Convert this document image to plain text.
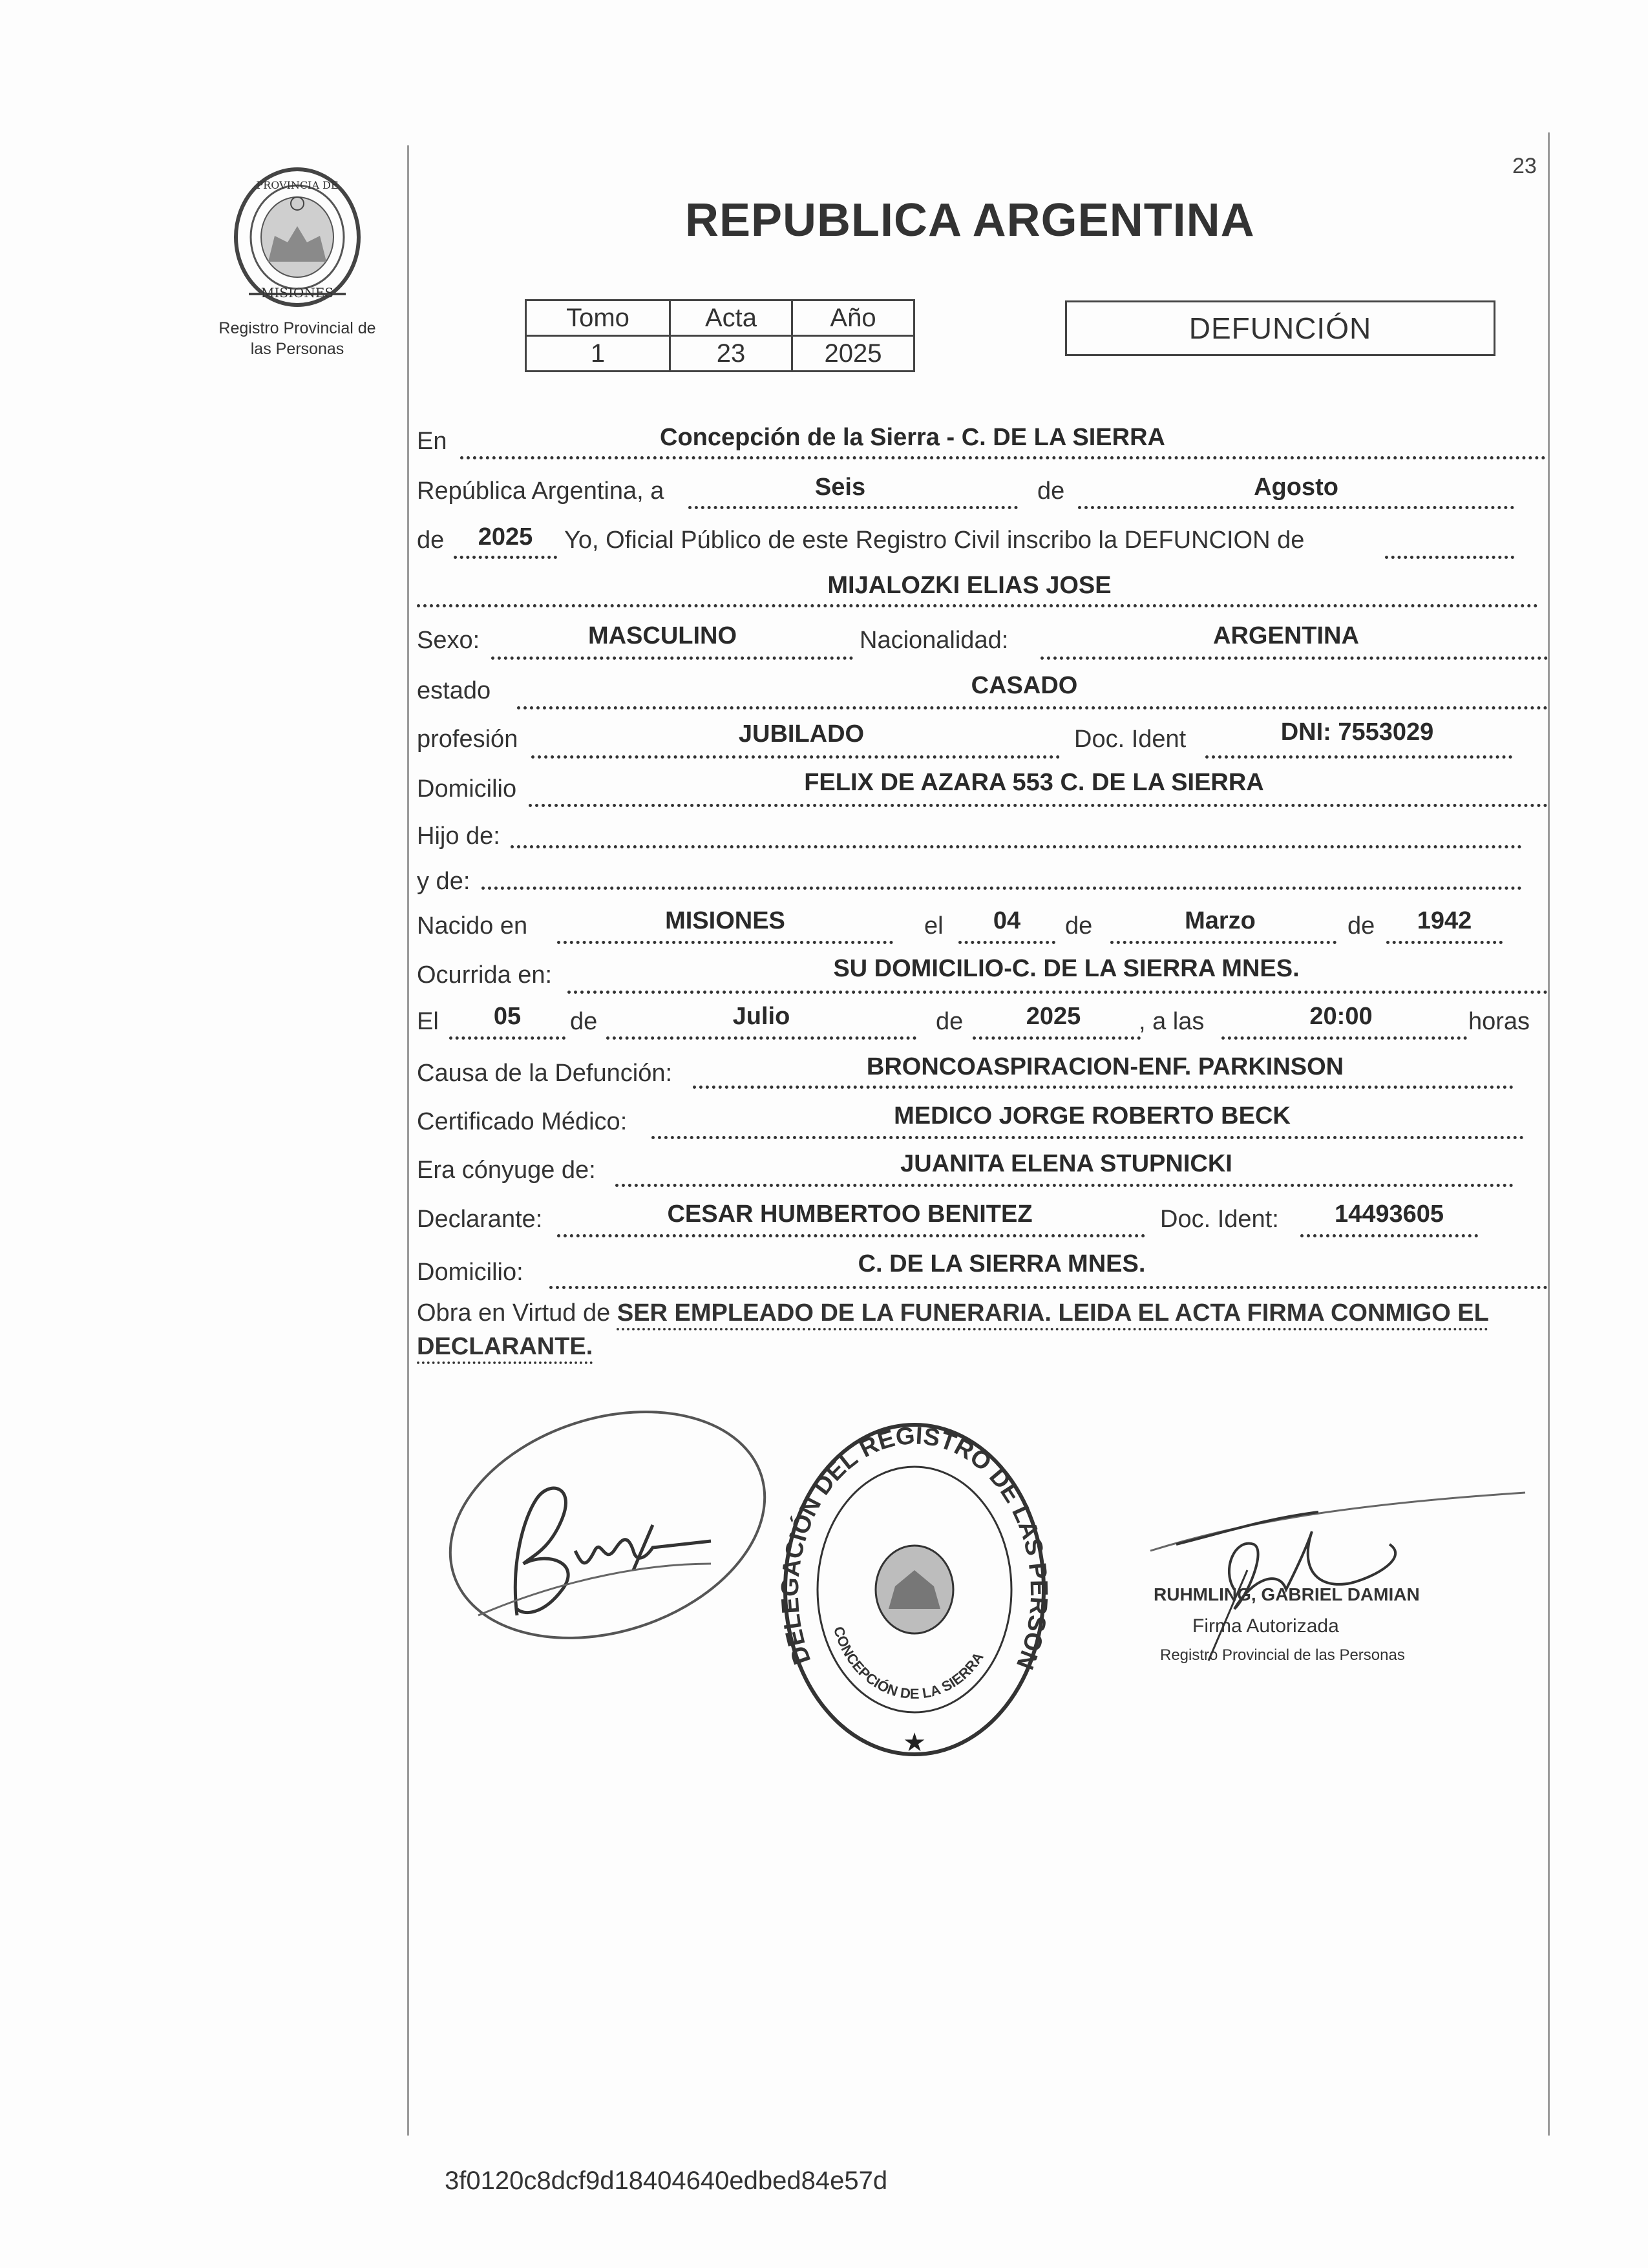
PROVINCIA DE
MISIONES
Registro Provincial de
las Personas
23
REPUBLICA ARGENTINA
Tomo	Acta	Año
1	23	2025
DEFUNCIÓN
En	Concepción de la Sierra - C. DE LA SIERRA
República Argentina, a	Seis	de	Agosto
de	2025	Yo, Oficial Público de este Registro Civil inscribo la DEFUNCION de
MIJALOZKI ELIAS JOSE
Sexo:	MASCULINO	Nacionalidad:	ARGENTINA
estado	CASADO
profesión	JUBILADO	Doc. Ident	DNI: 7553029
Domicilio	FELIX DE AZARA 553 C. DE LA SIERRA
Hijo de:
y de:
Nacido en	MISIONES	el	04	de	Marzo	de	1942
Ocurrida en:	SU DOMICILIO-C. DE LA SIERRA MNES.
El	05	de	Julio	de	2025	, a las	20:00	horas
Causa de la Defunción:	BRONCOASPIRACION-ENF. PARKINSON
Certificado Médico:	MEDICO JORGE ROBERTO BECK
Era cónyuge de:	JUANITA ELENA STUPNICKI
Declarante:	CESAR HUMBERTOO BENITEZ	Doc. Ident:	14493605
Domicilio:	C. DE LA SIERRA MNES.
Obra en Virtud de SER EMPLEADO DE LA FUNERARIA. LEIDA EL ACTA FIRMA CONMIGO EL DECLARANTE.
DELEGACIÓN DEL REGISTRO DE LAS PERSON
CONCEPCIÓN DE LA SIERRA
★
RUHMLING, GABRIEL DAMIAN
Firma Autorizada
Registro Provincial de las Personas
3f0120c8dcf9d18404640edbed84e57d
